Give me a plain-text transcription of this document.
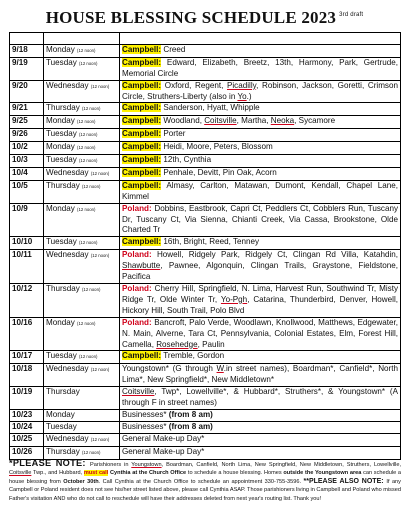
HOUSE BLESSING SCHEDULE 2023 $^{3rd draft}$

9/18	Monday (12 noon)	Campbell: Creed
9/19	Tuesday (12 noon)	Campbell: Edward, Elizabeth, Breetz, 13th, Harmony, Park, Gertrude, Memorial Circle
9/20	Wednesday (12 noon)	Campbell: Oxford, Regent, Picadilly, Robinson, Jackson, Goretti, Crimson Circle, Struthers-Liberty (also in Yo.)
9/21	Thursday (12 noon)	Campbell: Sanderson, Hyatt, Whipple
9/25	Monday (12 noon)	Campbell: Woodland, Coitsville, Martha, Neoka, Sycamore
9/26	Tuesday (12 noon)	Campbell: Porter
10/2	Monday (12 noon)	Campbell: Heidi, Moore, Peters, Blossom
10/3	Tuesday (12 noon)	Campbell: 12th, Cynthia
10/4	Wednesday (12 noon)	Campbell: Penhale, Devitt, Pin Oak, Acorn
10/5	Thursday (12 noon)	Campbell: Almasy, Carlton, Matawan, Dumont, Kendall, Chapel Lane, Kimmel
10/9	Monday (12 noon)	Poland: Dobbins, Eastbrook, Capri Ct, Peddlers Ct, Cobblers Run, Tuscany Dr, Tuscany Ct, Via Sienna, Chianti Creek, Via Cassa, Brookstone, Olde Charted Tr
10/10	Tuesday (12 noon)	Campbell: 16th, Bright, Reed, Tenney
10/11	Wednesday (12 noon)	Poland: Howell, Ridgely Park, Ridgely Ct, Clingan Rd Villa, Katahdin, Shawbutte, Pawnee, Algonquin, Clingan Trails, Graystone, Fieldstone, Pacifica
10/12	Thursday (12 noon)	Poland: Cherry Hill, Springfield, N. Lima, Harvest Run, Southwind Tr, Misty Ridge Tr, Olde Winter Tr, Yo-Pgh, Catarina, Thunderbird, Denver, Howell, Hickory Hill, South Trail, Polo Blvd
10/16	Monday (12 noon)	Poland: Bancroft, Palo Verde, Woodlawn, Knollwood, Matthews, Edgewater, N. Main, Alverne, Tara Ct, Pennsylvania, Colonial Estates, Elm, Forest Hill, Camella, Rosehedge, Paulin
10/17	Tuesday (12 noon)	Campbell: Tremble, Gordon
10/18	Wednesday (12 noon)	Youngstown* (G through W.in street names), Boardman*, Canfield*, North Lima*, New Springfield*, New Middletown*
10/19	Thursday	Coitsville, Twp*, Lowellville*, & Hubbard*, Struthers*, & Youngstown* (A through F in street names)
10/23	Monday	Businesses* (from 8 am)
10/24	Tuesday	Businesses* (from 8 am)
10/25	Wednesday (12 noon)	General Make-up Day*
10/26	Thursday (12 noon)	General Make-up Day*
*PLEASE NOTE: Parishioners in Youngstown, Boardman, Canfield, North Lima, New Springfield, New Middletown, Struthers, Lowellville, Coitsville Twp., and Hubbard, must call Cynthia at the Church Office to schedule a house blessing. Homes outside the Youngstown area can schedule a house blessing from October 30th. Call Cynthia at the Church Office to schedule an appointment 330-755-3596. **PLEASE ALSO NOTE: If any Campbell or Poland resident does not see his/her street listed above, please call Cynthia ASAP. Those parishioners living in Campbell and Poland who missed Father's visitation AND who do not call to reschedule will have their addresses deleted from next year's routing list. Thank you!
